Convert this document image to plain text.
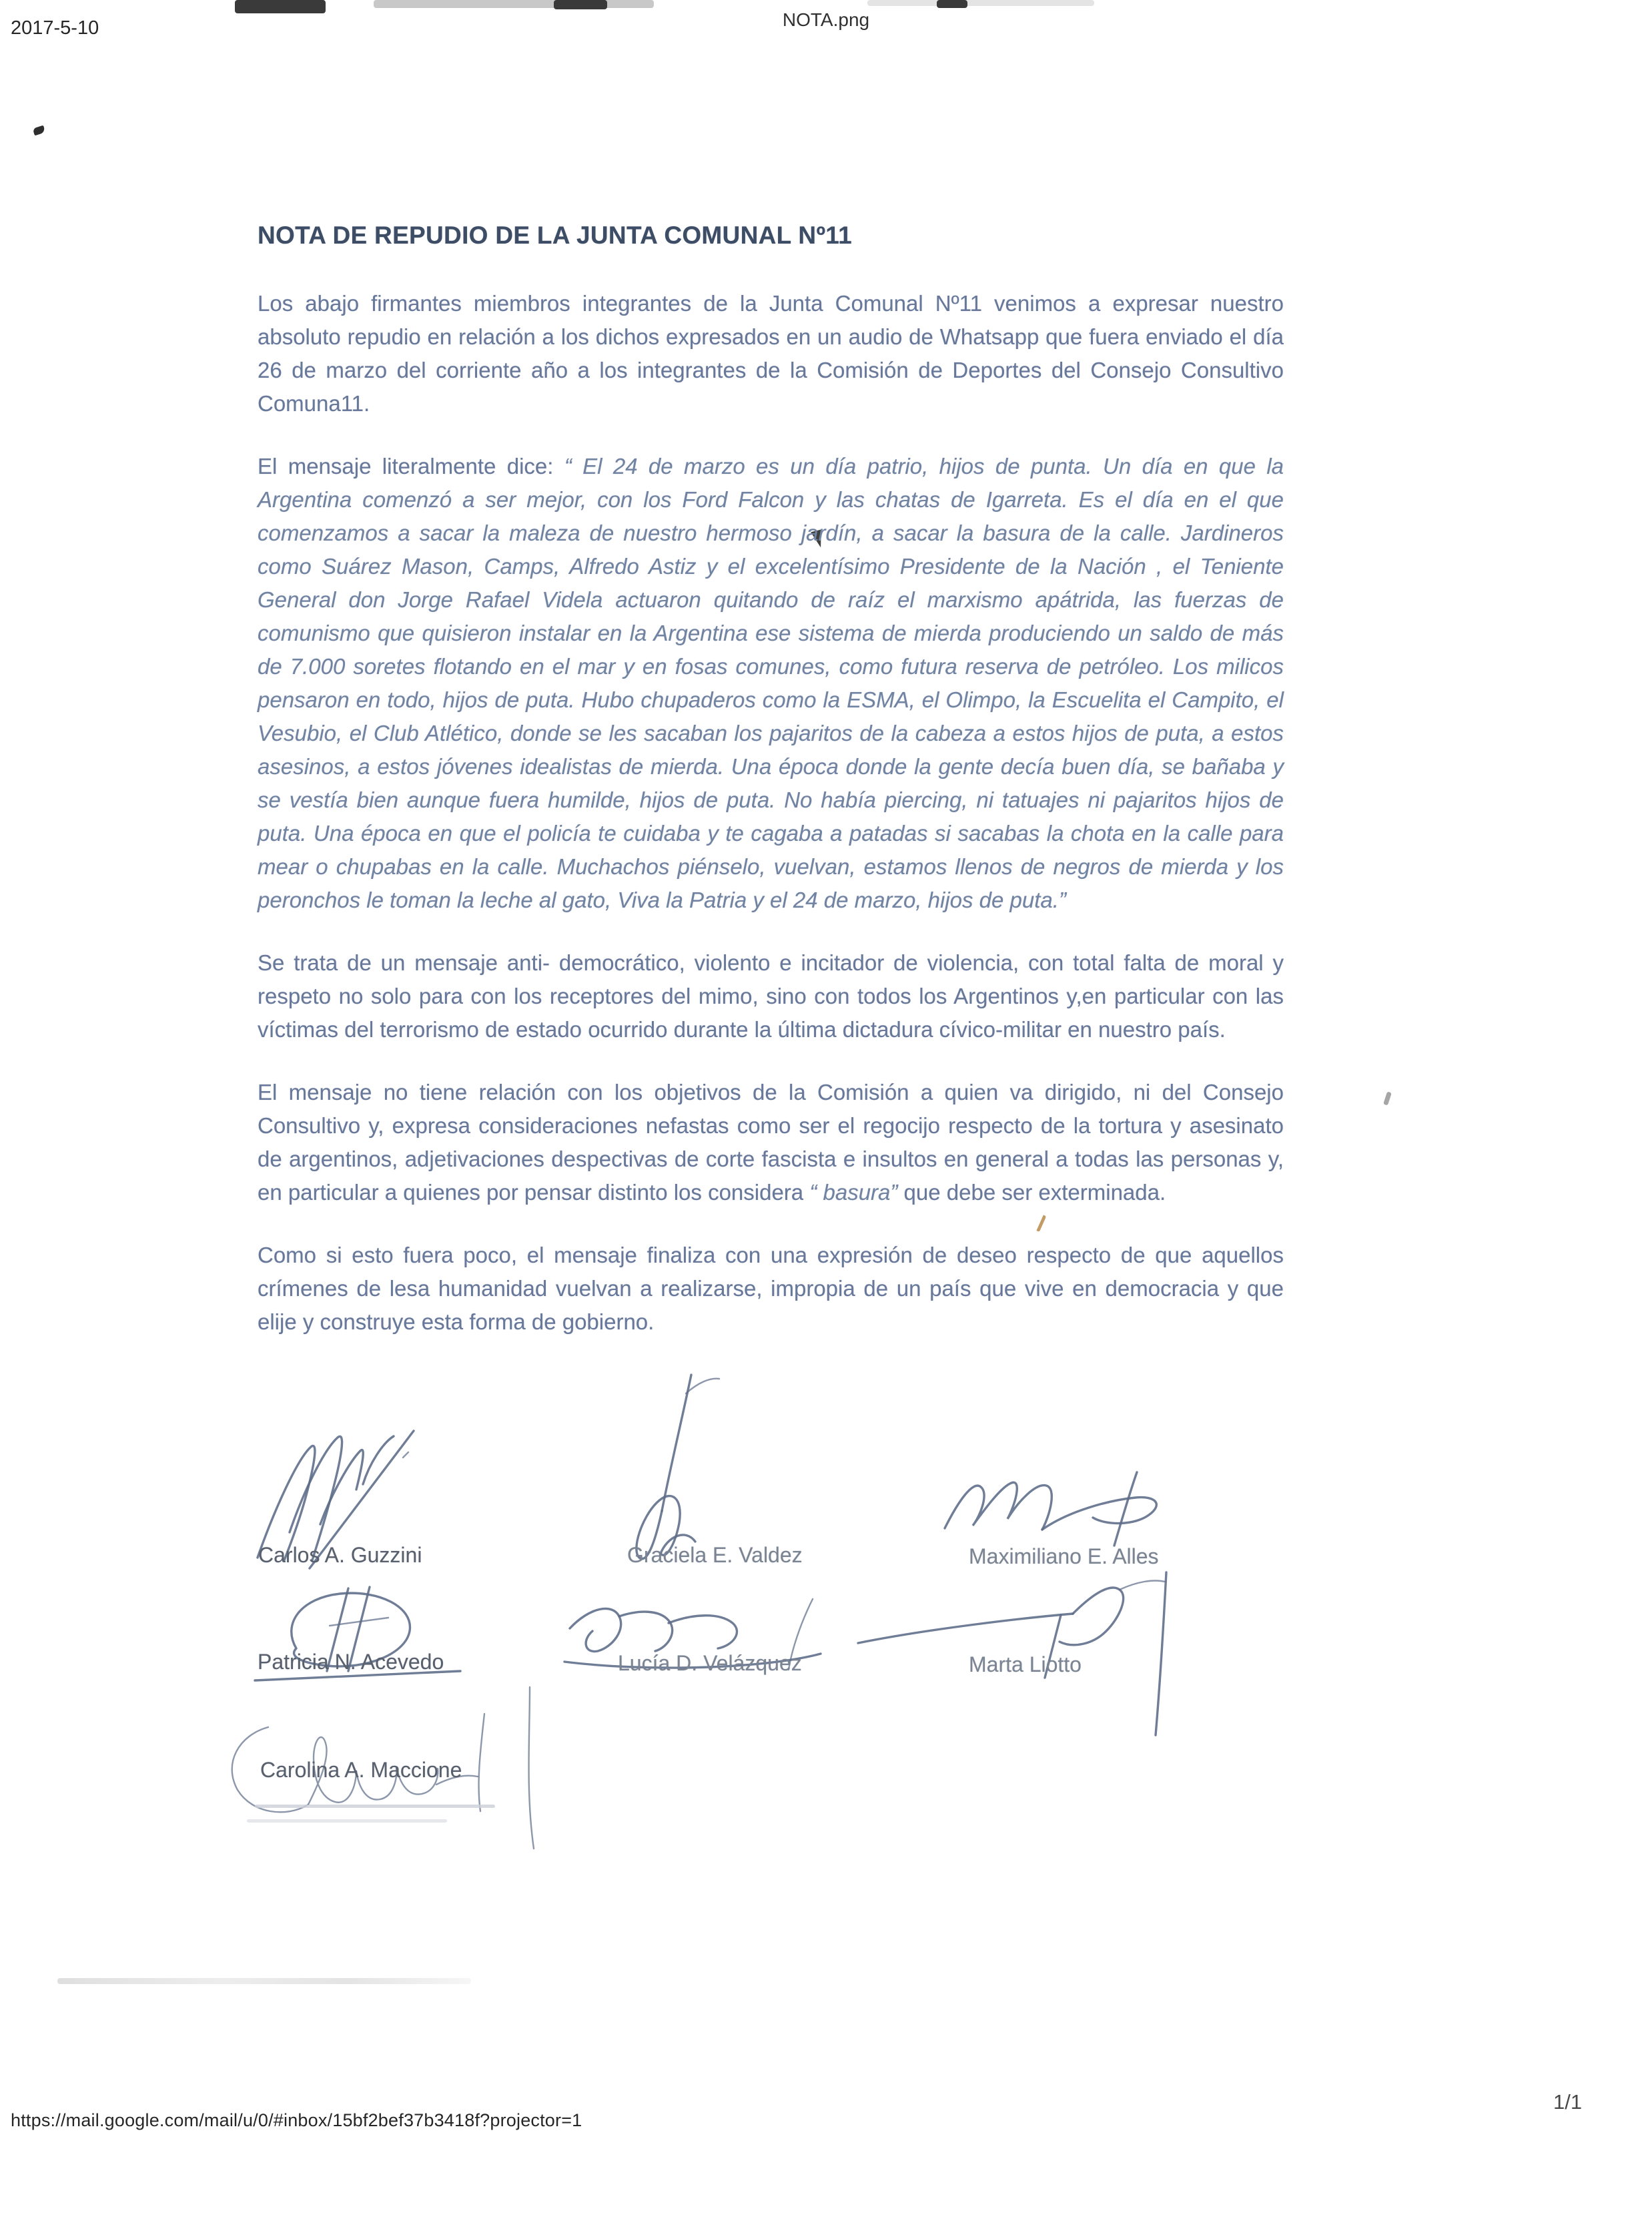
2017-5-10	NOTA.png
NOTA DE REPUDIO DE LA JUNTA COMUNAL Nº11

Los abajo firmantes miembros integrantes de la Junta Comunal Nº11 venimos a expresar nuestro absoluto repudio en relación a los dichos expresados en un audio de Whatsapp que fuera enviado el día 26 de marzo del corriente año a los integrantes de la Comisión de Deportes del Consejo Consultivo Comuna11.

El mensaje literalmente dice: “ El 24 de marzo es un día patrio, hijos de punta. Un día en que la Argentina comenzó a ser mejor, con los Ford Falcon y las chatas de Igarreta. Es el día en el que comenzamos a sacar la maleza de nuestro hermoso jardín, a sacar la basura de la calle. Jardineros como Suárez Mason, Camps, Alfredo Astiz y el excelentísimo Presidente de la Nación , el Teniente General don Jorge Rafael Videla actuaron quitando de raíz el marxismo apátrida, las fuerzas de comunismo que quisieron instalar en la Argentina ese sistema de mierda produciendo un saldo de más de 7.000 soretes flotando en el mar y en fosas comunes, como futura reserva de petróleo. Los milicos pensaron en todo, hijos de puta. Hubo chupaderos como la ESMA, el Olimpo, la Escuelita el Campito, el Vesubio, el Club Atlético, donde se les sacaban los pajaritos de la cabeza a estos hijos de puta, a estos asesinos, a estos jóvenes idealistas de mierda. Una época donde la gente decía buen día, se bañaba y se vestía bien aunque fuera humilde, hijos de puta. No había piercing, ni tatuajes ni pajaritos hijos de puta. Una época en que el policía te cuidaba y te cagaba a patadas si sacabas la chota en la calle para mear o chupabas en la calle. Muchachos piénselo, vuelvan, estamos llenos de negros de mierda y los peronchos le toman la leche al gato, Viva la Patria y el 24 de marzo, hijos de puta.”

Se trata de un mensaje anti- democrático, violento e incitador de violencia, con total falta de moral y respeto no solo para con los receptores del mimo, sino con todos los Argentinos y,en particular con las víctimas del terrorismo de estado ocurrido durante la última dictadura cívico-militar en nuestro país.

El mensaje no tiene relación con los objetivos de la Comisión a quien va dirigido, ni del Consejo Consultivo y, expresa consideraciones nefastas como ser el regocijo respecto de la tortura y asesinato de argentinos, adjetivaciones despectivas de corte fascista e insultos en general a todas las personas y, en particular a quienes por pensar distinto los considera “ basura” que debe ser exterminada.

Como si esto fuera poco, el mensaje finaliza con una expresión de deseo respecto de que aquellos crímenes de lesa humanidad vuelvan a realizarse, impropia de un país que vive en democracia y que elije y construye esta forma de gobierno.

Carlos A. Guzzini	Graciela E. Valdez	Maximiliano E. Alles
Patricia N. Acevedo	Lucía D. Velázquez	Marta Liotto
Carolina A. Maccione
https://mail.google.com/mail/u/0/#inbox/15bf2bef37b3418f?projector=1
1/1
